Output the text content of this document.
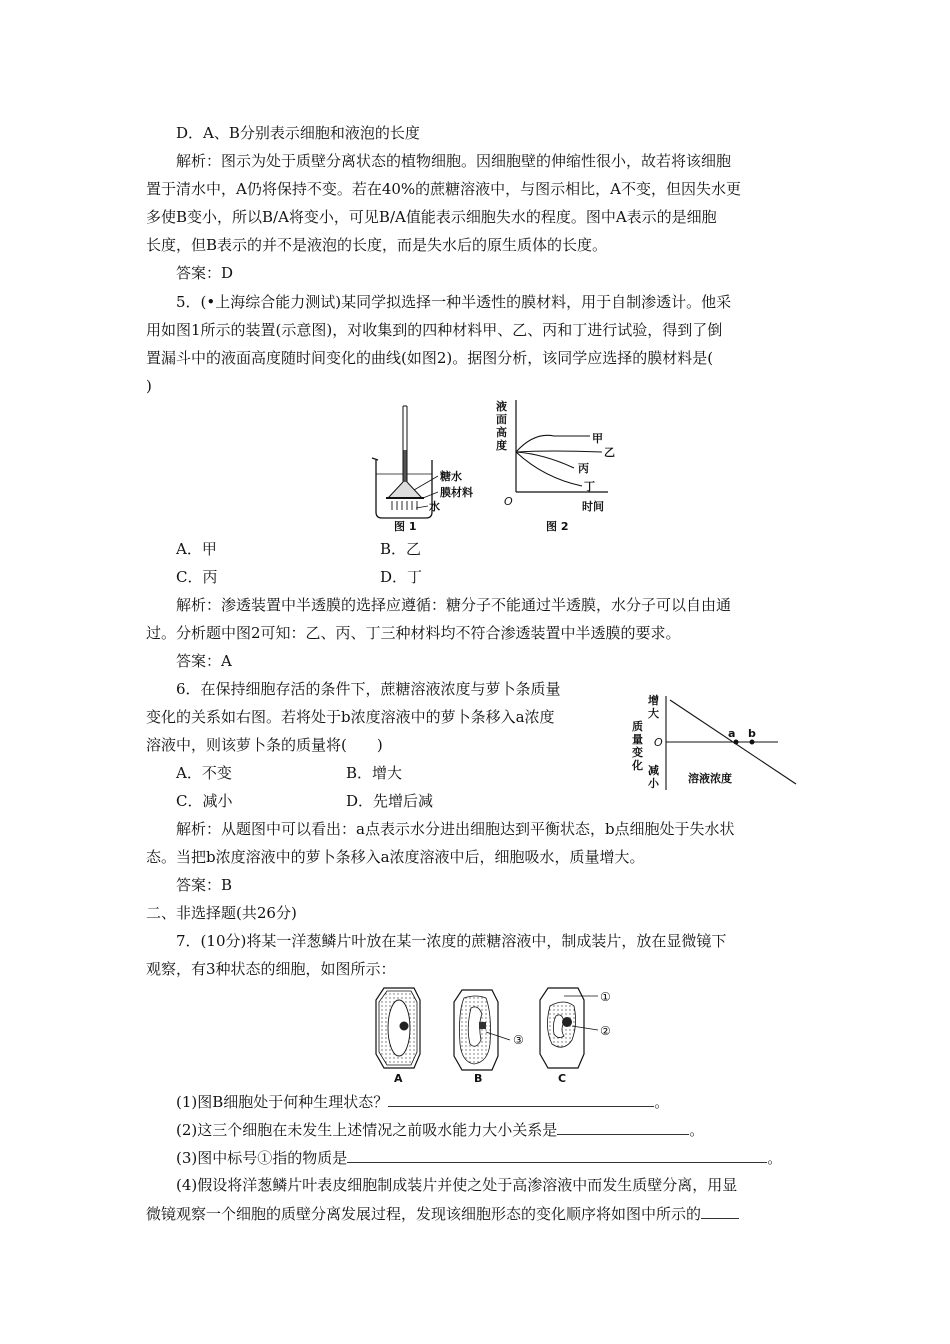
D．A、B分别表示细胞和液泡的长度
解析：图示为处于质壁分离状态的植物细胞。因细胞壁的伸缩性很小，故若将该细胞
置于清水中，A仍将保持不变。若在40%的蔗糖溶液中，与图示相比，A不变，但因失水更
多使B变小，所以B/A将变小，可见B/A值能表示细胞失水的程度。图中A表示的是细胞
长度，但B表示的并不是液泡的长度，而是失水后的原生质体的长度。
答案：D
5．(•上海综合能力测试)某同学拟选择一种半透性的膜材料，用于自制渗透计。他采
用如图1所示的装置(示意图)，对收集到的四种材料甲、乙、丙和丁进行试验，得到了倒
置漏斗中的液面高度随时间变化的曲线(如图2)。据图分析，该同学应选择的膜材料是(
)
糖水
膜材料
水
图 1
液
面
高
度
O	时间
甲
乙
丙
丁
图 2
A．甲	B．乙
C．丙	D．丁
解析：渗透装置中半透膜的选择应遵循：糖分子不能通过半透膜，水分子可以自由通
过。分析题中图2可知：乙、丙、丁三种材料均不符合渗透装置中半透膜的要求。
答案：A
6．在保持细胞存活的条件下，蔗糖溶液浓度与萝卜条质量
变化的关系如右图。若将处于b浓度溶液中的萝卜条移入a浓度
溶液中，则该萝卜条的质量将(　　)
A．不变	B．增大
C．减小	D．先增后减
增
大
质
量
变
化 减
小
O
a b
溶液浓度
解析：从题图中可以看出：a点表示水分进出细胞达到平衡状态，b点细胞处于失水状
态。当把b浓度溶液中的萝卜条移入a浓度溶液中后，细胞吸水，质量增大。
答案：B
二、非选择题(共26分)
7．(10分)将某一洋葱鳞片叶放在某一浓度的蔗糖溶液中，制成装片，放在显微镜下
观察，有3种状态的细胞，如图所示：
A
③
B
①
②
C
(1)图B细胞处于何种生理状态？	。
(2)这三个细胞在未发生上述情况之前吸水能力大小关系是	。
(3)图中标号①指的物质是	。
(4)假设将洋葱鳞片叶表皮细胞制成装片并使之处于高渗溶液中而发生质壁分离，用显
微镜观察一个细胞的质壁分离发展过程，发现该细胞形态的变化顺序将如图中所示的
